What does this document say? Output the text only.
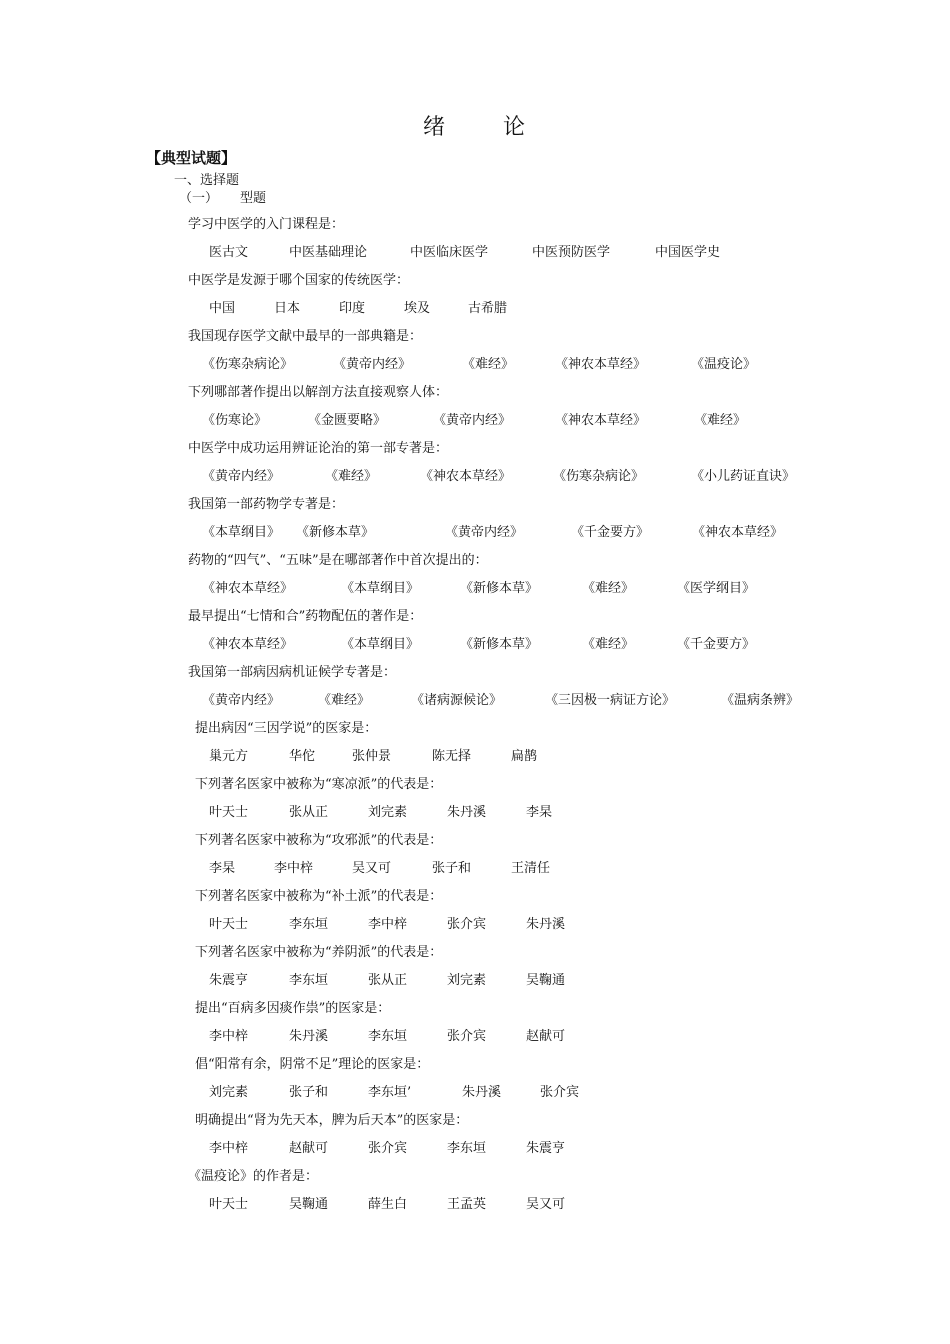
绪	论
【典型试题】
一、选择题
（一） 型题
学习中医学的入门课程是：
医古文	中医基础理论	中医临床医学	中医预防医学	中国医学史
中医学是发源于哪个国家的传统医学：
中国	日本	印度	埃及	古希腊
我国现存医学文献中最早的一部典籍是：
《伤寒杂病论》	《黄帝内经》	《难经》	《神农本草经》	《温疫论》
下列哪部著作提出以解剖方法直接观察人体：
《伤寒论》	《金匮要略》	《黄帝内经》	《神农本草经》	《难经》
中医学中成功运用辨证论治的第一部专著是：
《黄帝内经》	《难经》	《神农本草经》	《伤寒杂病论》	《小儿药证直诀》
我国第一部药物学专著是：
《本草纲目》 《新修本草》	《黄帝内经》	《千金要方》	《神农本草经》
药物的“四气”、“五味”是在哪部著作中首次提出的：
《神农本草经》	《本草纲目》	《新修本草》	《难经》	《医学纲目》
最早提出“七情和合”药物配伍的著作是：
《神农本草经》	《本草纲目》	《新修本草》	《难经》	《千金要方》
我国第一部病因病机证候学专著是：
《黄帝内经》	《难经》	《诸病源候论》	《三因极一病证方论》	《温病条辨》
提出病因“三因学说”的医家是：
巢元方	华佗	张仲景	陈无择	扁鹊
下列著名医家中被称为“寒凉派”的代表是：
叶天士	张从正	刘完素	朱丹溪	李杲
下列著名医家中被称为“攻邪派”的代表是：
李杲	李中梓	吴又可	张子和	王清任
下列著名医家中被称为“补土派”的代表是：
叶天士	李东垣	李中梓	张介宾	朱丹溪
下列著名医家中被称为“养阴派”的代表是：
朱震亨	李东垣	张从正	刘完素	吴鞠通
提出“百病多因痰作祟”的医家是：
李中梓	朱丹溪	李东垣	张介宾	赵献可
倡“阳常有余，阴常不足”理论的医家是：
刘完素	张子和	李东垣’	朱丹溪	张介宾
明确提出“肾为先天本，脾为后天本”的医家是：
李中梓	赵献可	张介宾	李东垣	朱震亨
《温疫论》的作者是：
叶天士	吴鞠通	薛生白	王孟英	吴又可
